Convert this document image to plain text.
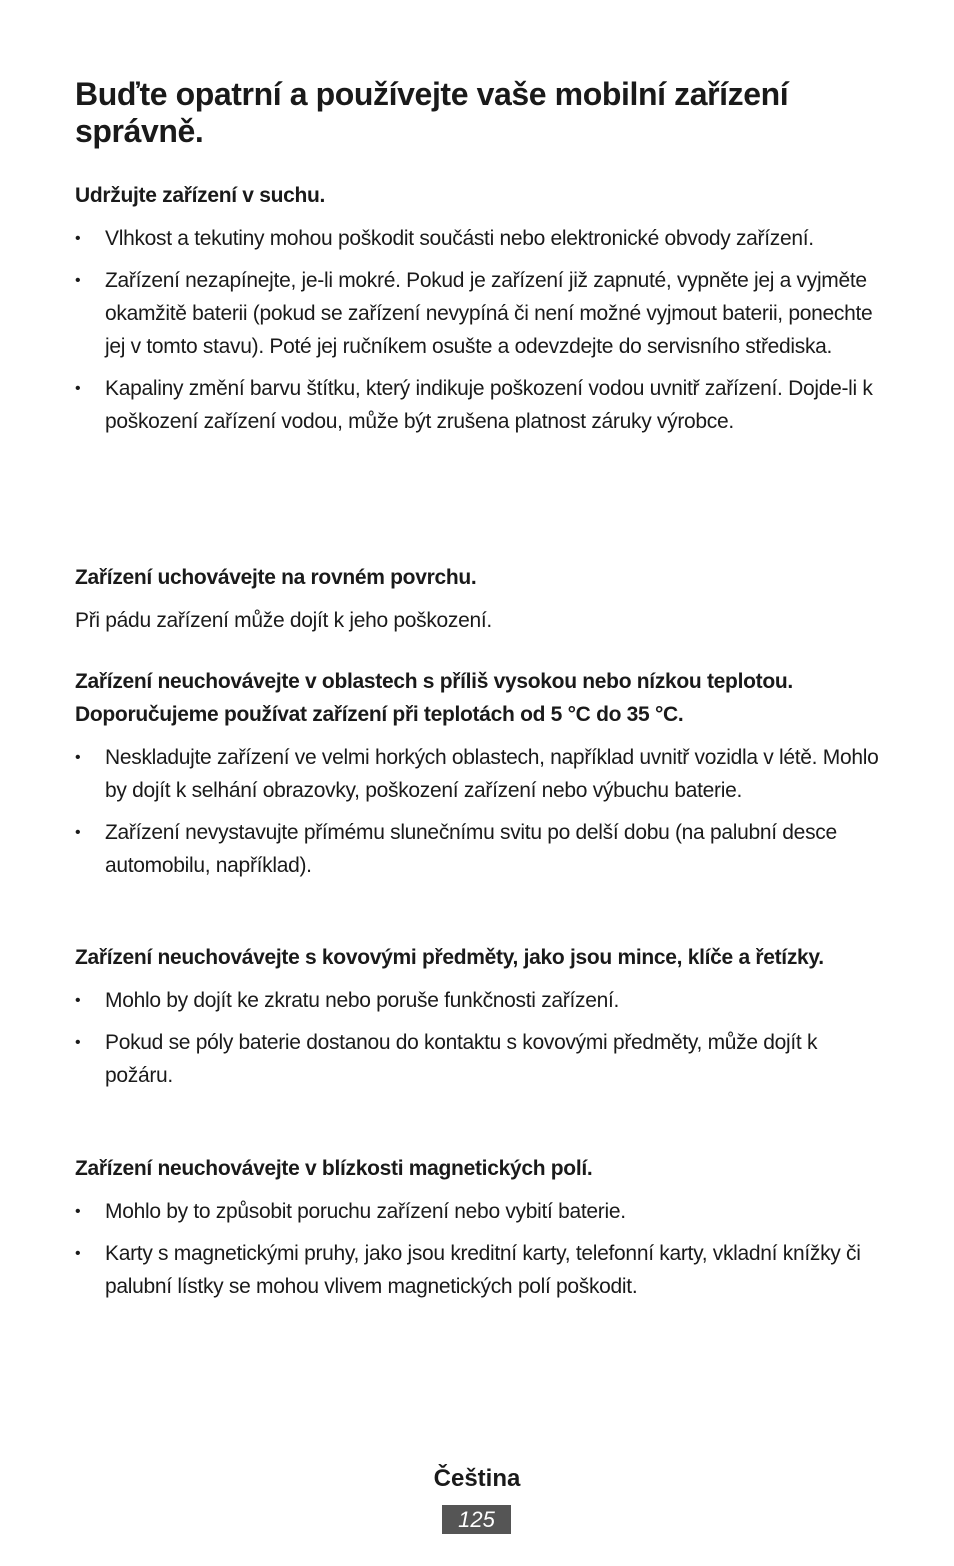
Buďte opatrní a používejte vaše mobilní zařízení správně.

Udržujte zařízení v suchu.

• Vlhkost a tekutiny mohou poškodit součásti nebo elektronické obvody zařízení.
• Zařízení nezapínejte, je-li mokré. Pokud je zařízení již zapnuté, vypněte jej a vyjměte okamžitě baterii (pokud se zařízení nevypíná či není možné vyjmout baterii, ponechte jej v tomto stavu). Poté jej ručníkem osušte a odevzdejte do servisního střediska.
• Kapaliny změní barvu štítku, který indikuje poškození vodou uvnitř zařízení. Dojde-li k poškození zařízení vodou, může být zrušena platnost záruky výrobce.

Zařízení uchovávejte na rovném povrchu.

Při pádu zařízení může dojít k jeho poškození.

Zařízení neuchovávejte v oblastech s příliš vysokou nebo nízkou teplotou. Doporučujeme používat zařízení při teplotách od 5 °C do 35 °C.

• Neskladujte zařízení ve velmi horkých oblastech, například uvnitř vozidla v létě. Mohlo by dojít k selhání obrazovky, poškození zařízení nebo výbuchu baterie.
• Zařízení nevystavujte přímému slunečnímu svitu po delší dobu (na palubní desce automobilu, například).

Zařízení neuchovávejte s kovovými předměty, jako jsou mince, klíče a řetízky.

• Mohlo by dojít ke zkratu nebo poruše funkčnosti zařízení.
• Pokud se póly baterie dostanou do kontaktu s kovovými předměty, může dojít k požáru.

Zařízení neuchovávejte v blízkosti magnetických polí.

• Mohlo by to způsobit poruchu zařízení nebo vybití baterie.
• Karty s magnetickými pruhy, jako jsou kreditní karty, telefonní karty, vkladní knížky či palubní lístky se mohou vlivem magnetických polí poškodit.
Čeština
125
